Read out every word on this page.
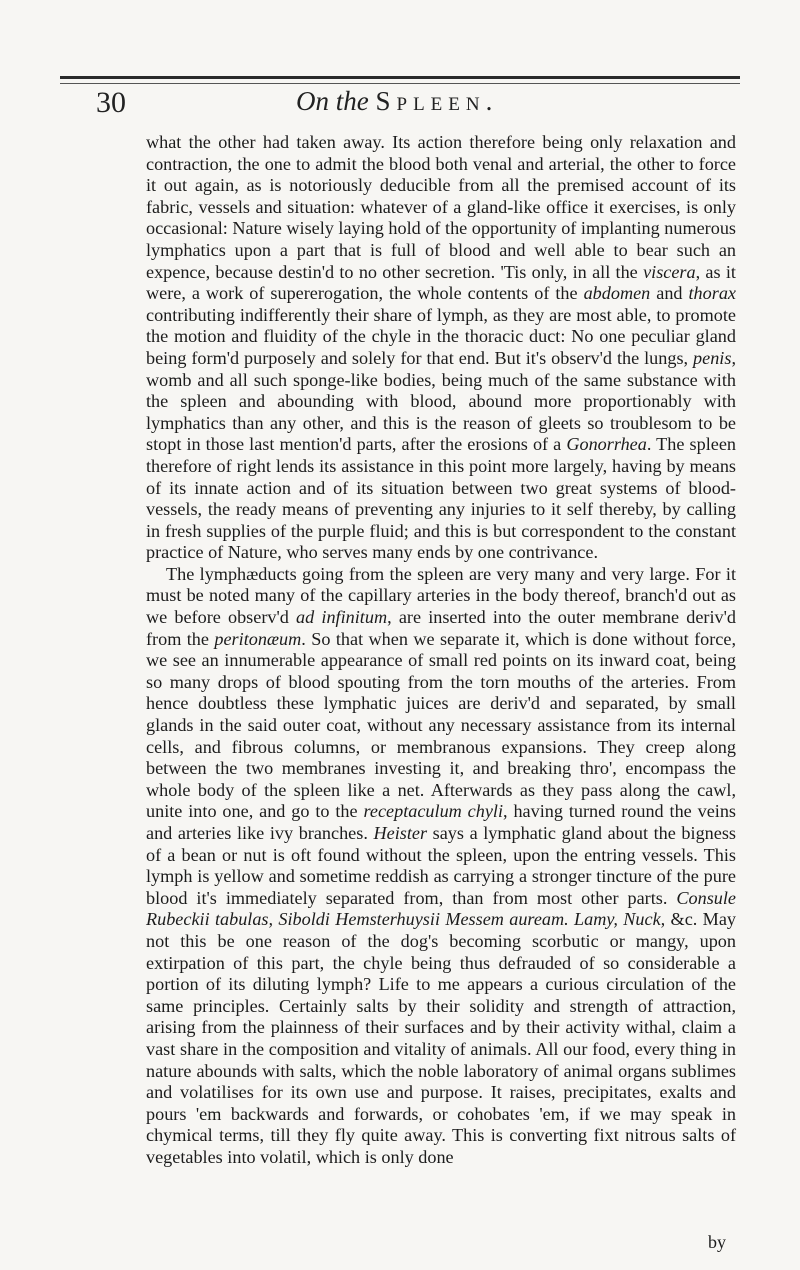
30	On the Spleen.

what the other had taken away. Its action therefore being only relaxation and contraction, the one to admit the blood both venal and arterial, the other to force it out again, as is notoriously deducible from all the premised account of its fabric, vessels and situation: whatever of a gland-like office it exercises, is only occasional: Nature wisely laying hold of the opportunity of implanting numerous lymphatics upon a part that is full of blood and well able to bear such an expence, because destin'd to no other secretion. 'Tis only, in all the viscera, as it were, a work of supererogation, the whole contents of the abdomen and thorax contributing indifferently their share of lymph, as they are most able, to promote the motion and fluidity of the chyle in the thoracic duct: No one peculiar gland being form'd purposely and solely for that end. But it's observ'd the lungs, penis, womb and all such sponge-like bodies, being much of the same substance with the spleen and abounding with blood, abound more proportionably with lymphatics than any other, and this is the reason of gleets so troublesom to be stopt in those last mention'd parts, after the erosions of a Gonorrhea. The spleen therefore of right lends its assistance in this point more largely, having by means of its innate action and of its situation between two great systems of blood-vessels, the ready means of preventing any injuries to it self thereby, by calling in fresh supplies of the purple fluid; and this is but correspondent to the constant practice of Nature, who serves many ends by one contrivance.

The lymphæducts going from the spleen are very many and very large. For it must be noted many of the capillary arteries in the body thereof, branch'd out as we before observ'd ad infinitum, are inserted into the outer membrane deriv'd from the peritonæum. So that when we separate it, which is done without force, we see an innumerable appearance of small red points on its inward coat, being so many drops of blood spouting from the torn mouths of the arteries. From hence doubtless these lymphatic juices are deriv'd and separated, by small glands in the said outer coat, without any necessary assistance from its internal cells, and fibrous columns, or membranous expansions. They creep along between the two membranes investing it, and breaking thro', encompass the whole body of the spleen like a net. Afterwards as they pass along the cawl, unite into one, and go to the receptaculum chyli, having turned round the veins and arteries like ivy branches. Heister says a lymphatic gland about the bigness of a bean or nut is oft found without the spleen, upon the entring vessels. This lymph is yellow and sometime reddish as carrying a stronger tincture of the pure blood it's immediately separated from, than from most other parts. Consule Rubeckii tabulas, Siboldi Hemsterhuysii Messem auream. Lamy, Nuck, &c. May not this be one reason of the dog's becoming scorbutic or mangy, upon extirpation of this part, the chyle being thus defrauded of so considerable a portion of its diluting lymph? Life to me appears a curious circulation of the same principles. Certainly salts by their solidity and strength of attraction, arising from the plainness of their surfaces and by their activity withal, claim a vast share in the composition and vitality of animals. All our food, every thing in nature abounds with salts, which the noble laboratory of animal organs sublimes and volatilises for its own use and purpose. It raises, precipitates, exalts and pours 'em backwards and forwards, or cohobates 'em, if we may speak in chymical terms, till they fly quite away. This is converting fixt nitrous salts of vegetables into volatil, which is only done

by
